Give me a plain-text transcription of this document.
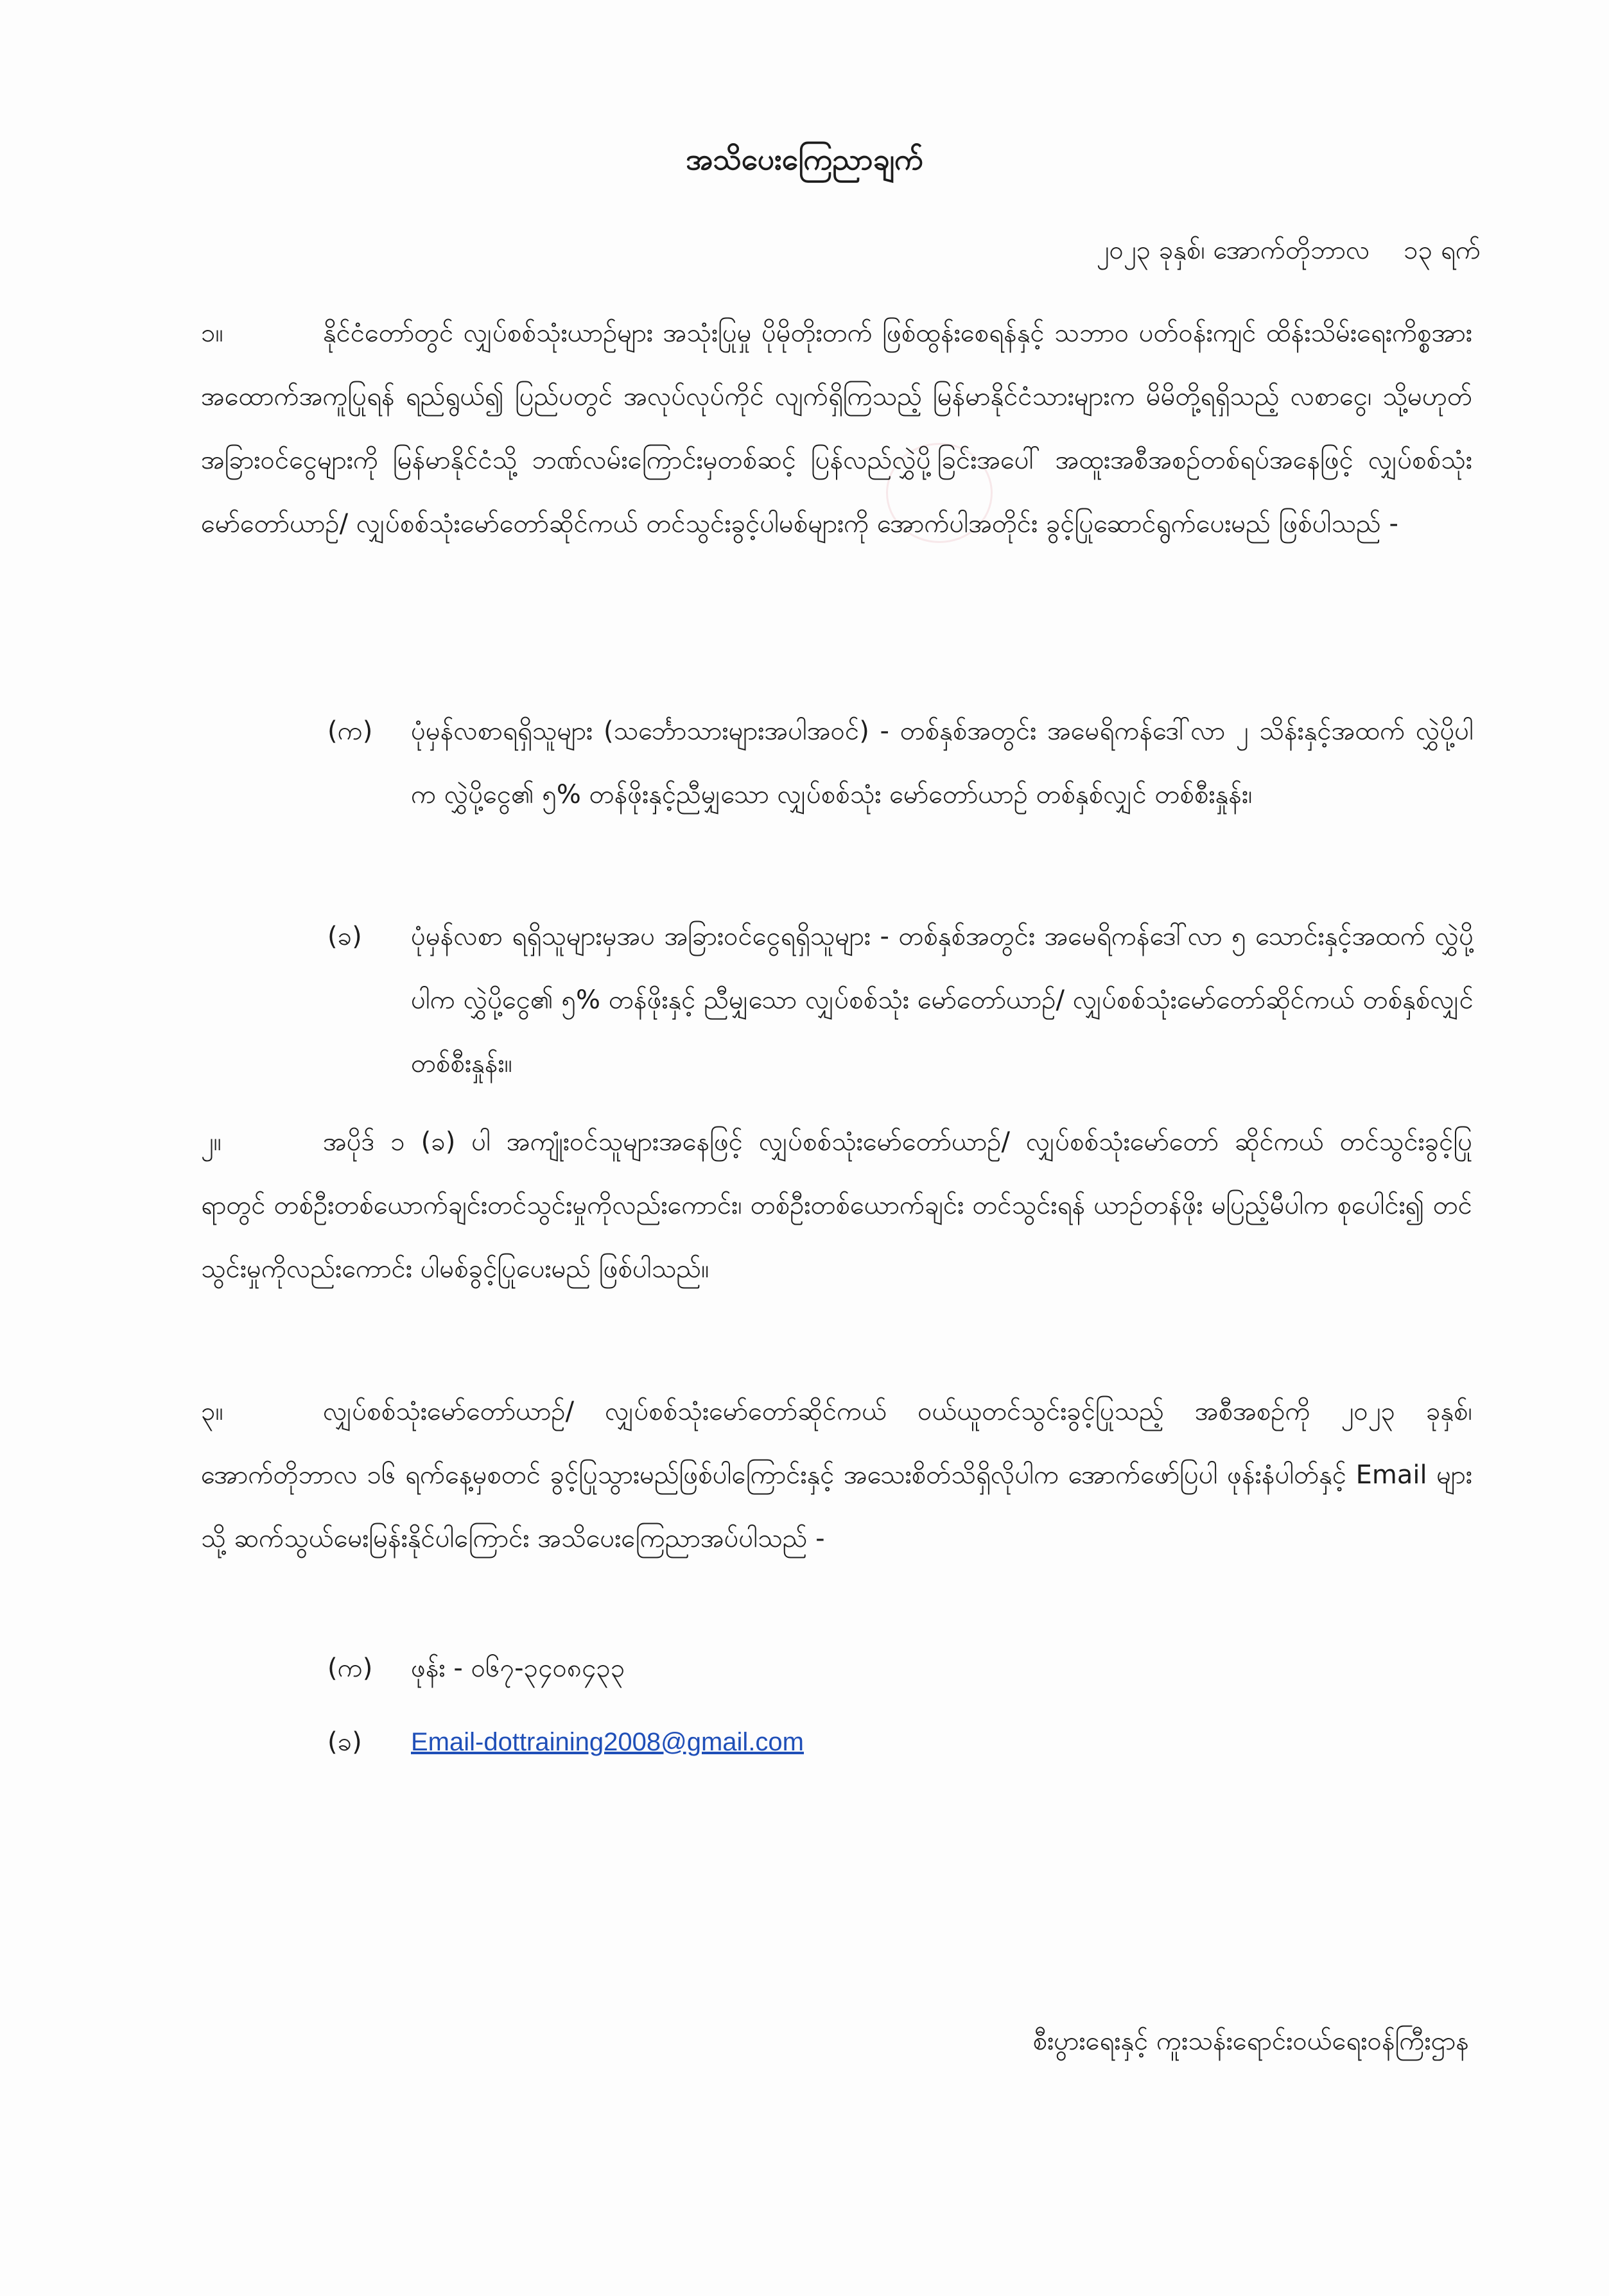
အသိပေးကြေညာချက်
၂၀၂၃ ခုနှစ်၊ အောက်တိုဘာလ ၁၃ ရက်
၁။	နိုင်ငံတော်တွင် လျှပ်စစ်သုံးယာဉ်များ အသုံးပြုမှု ပိုမိုတိုးတက် ဖြစ်ထွန်းစေရန်နှင့် သဘာဝ ပတ်ဝန်းကျင် ထိန်းသိမ်းရေးကိစ္စအား အထောက်အကူပြုရန် ရည်ရွယ်၍ ပြည်ပတွင် အလုပ်လုပ်ကိုင် လျက်ရှိကြသည့် မြန်မာနိုင်ငံသားများက မိမိတို့ရရှိသည့် လစာငွေ၊ သို့မဟုတ် အခြားဝင်ငွေများကို မြန်မာနိုင်ငံသို့ ဘဏ်လမ်းကြောင်းမှတစ်ဆင့် ပြန်လည်လွှဲပို့ခြင်းအပေါ် အထူးအစီအစဉ်တစ်ရပ်အနေဖြင့် လျှပ်စစ်သုံးမော်တော်ယာဉ်/ လျှပ်စစ်သုံးမော်တော်ဆိုင်ကယ် တင်သွင်းခွင့်ပါမစ်များကို အောက်ပါအတိုင်း ခွင့်ပြုဆောင်ရွက်ပေးမည် ဖြစ်ပါသည် -
(က)	ပုံမှန်လစာရရှိသူများ (သင်္ဘောသားများအပါအဝင်) - တစ်နှစ်အတွင်း အမေရိကန်ဒေါ်လာ ၂ သိန်းနှင့်အထက် လွှဲပို့ပါက လွှဲပို့ငွေ၏ ၅% တန်ဖိုးနှင့်ညီမျှသော လျှပ်စစ်သုံး မော်တော်ယာဉ် တစ်နှစ်လျှင် တစ်စီးနှုန်း၊
(ခ)	ပုံမှန်လစာ ရရှိသူများမှအပ အခြားဝင်ငွေရရှိသူများ - တစ်နှစ်အတွင်း အမေရိကန်ဒေါ်လာ ၅ သောင်းနှင့်အထက် လွှဲပို့ပါက လွှဲပို့ငွေ၏ ၅% တန်ဖိုးနှင့် ညီမျှသော လျှပ်စစ်သုံး မော်တော်ယာဉ်/ လျှပ်စစ်သုံးမော်တော်ဆိုင်ကယ် တစ်နှစ်လျှင် တစ်စီးနှုန်း။
၂။	အပိုဒ် ၁ (ခ) ပါ အကျုံးဝင်သူများအနေဖြင့် လျှပ်စစ်သုံးမော်တော်ယာဉ်/ လျှပ်စစ်သုံးမော်တော် ဆိုင်ကယ် တင်သွင်းခွင့်ပြုရာတွင် တစ်ဦးတစ်ယောက်ချင်းတင်သွင်းမှုကိုလည်းကောင်း၊ တစ်ဦးတစ်ယောက်ချင်း တင်သွင်းရန် ယာဉ်တန်ဖိုး မပြည့်မီပါက စုပေါင်း၍ တင်သွင်းမှုကိုလည်းကောင်း ပါမစ်ခွင့်ပြုပေးမည် ဖြစ်ပါသည်။
၃။	လျှပ်စစ်သုံးမော်တော်ယာဉ်/ လျှပ်စစ်သုံးမော်တော်ဆိုင်ကယ် ဝယ်ယူတင်သွင်းခွင့်ပြုသည့် အစီအစဉ်ကို ၂၀၂၃ ခုနှစ်၊ အောက်တိုဘာလ ၁၆ ရက်နေ့မှစတင် ခွင့်ပြုသွားမည်ဖြစ်ပါကြောင်းနှင့် အသေးစိတ်သိရှိလိုပါက အောက်ဖော်ပြပါ ဖုန်းနံပါတ်နှင့် Email များသို့ ဆက်သွယ်မေးမြန်းနိုင်ပါကြောင်း အသိပေးကြေညာအပ်ပါသည် -
(က)	ဖုန်း - ၀၆၇-၃၄၀၈၄၃၃
(ခ)	Email-dottraining2008@gmail.com
စီးပွားရေးနှင့် ကူးသန်းရောင်းဝယ်ရေးဝန်ကြီးဌာန
